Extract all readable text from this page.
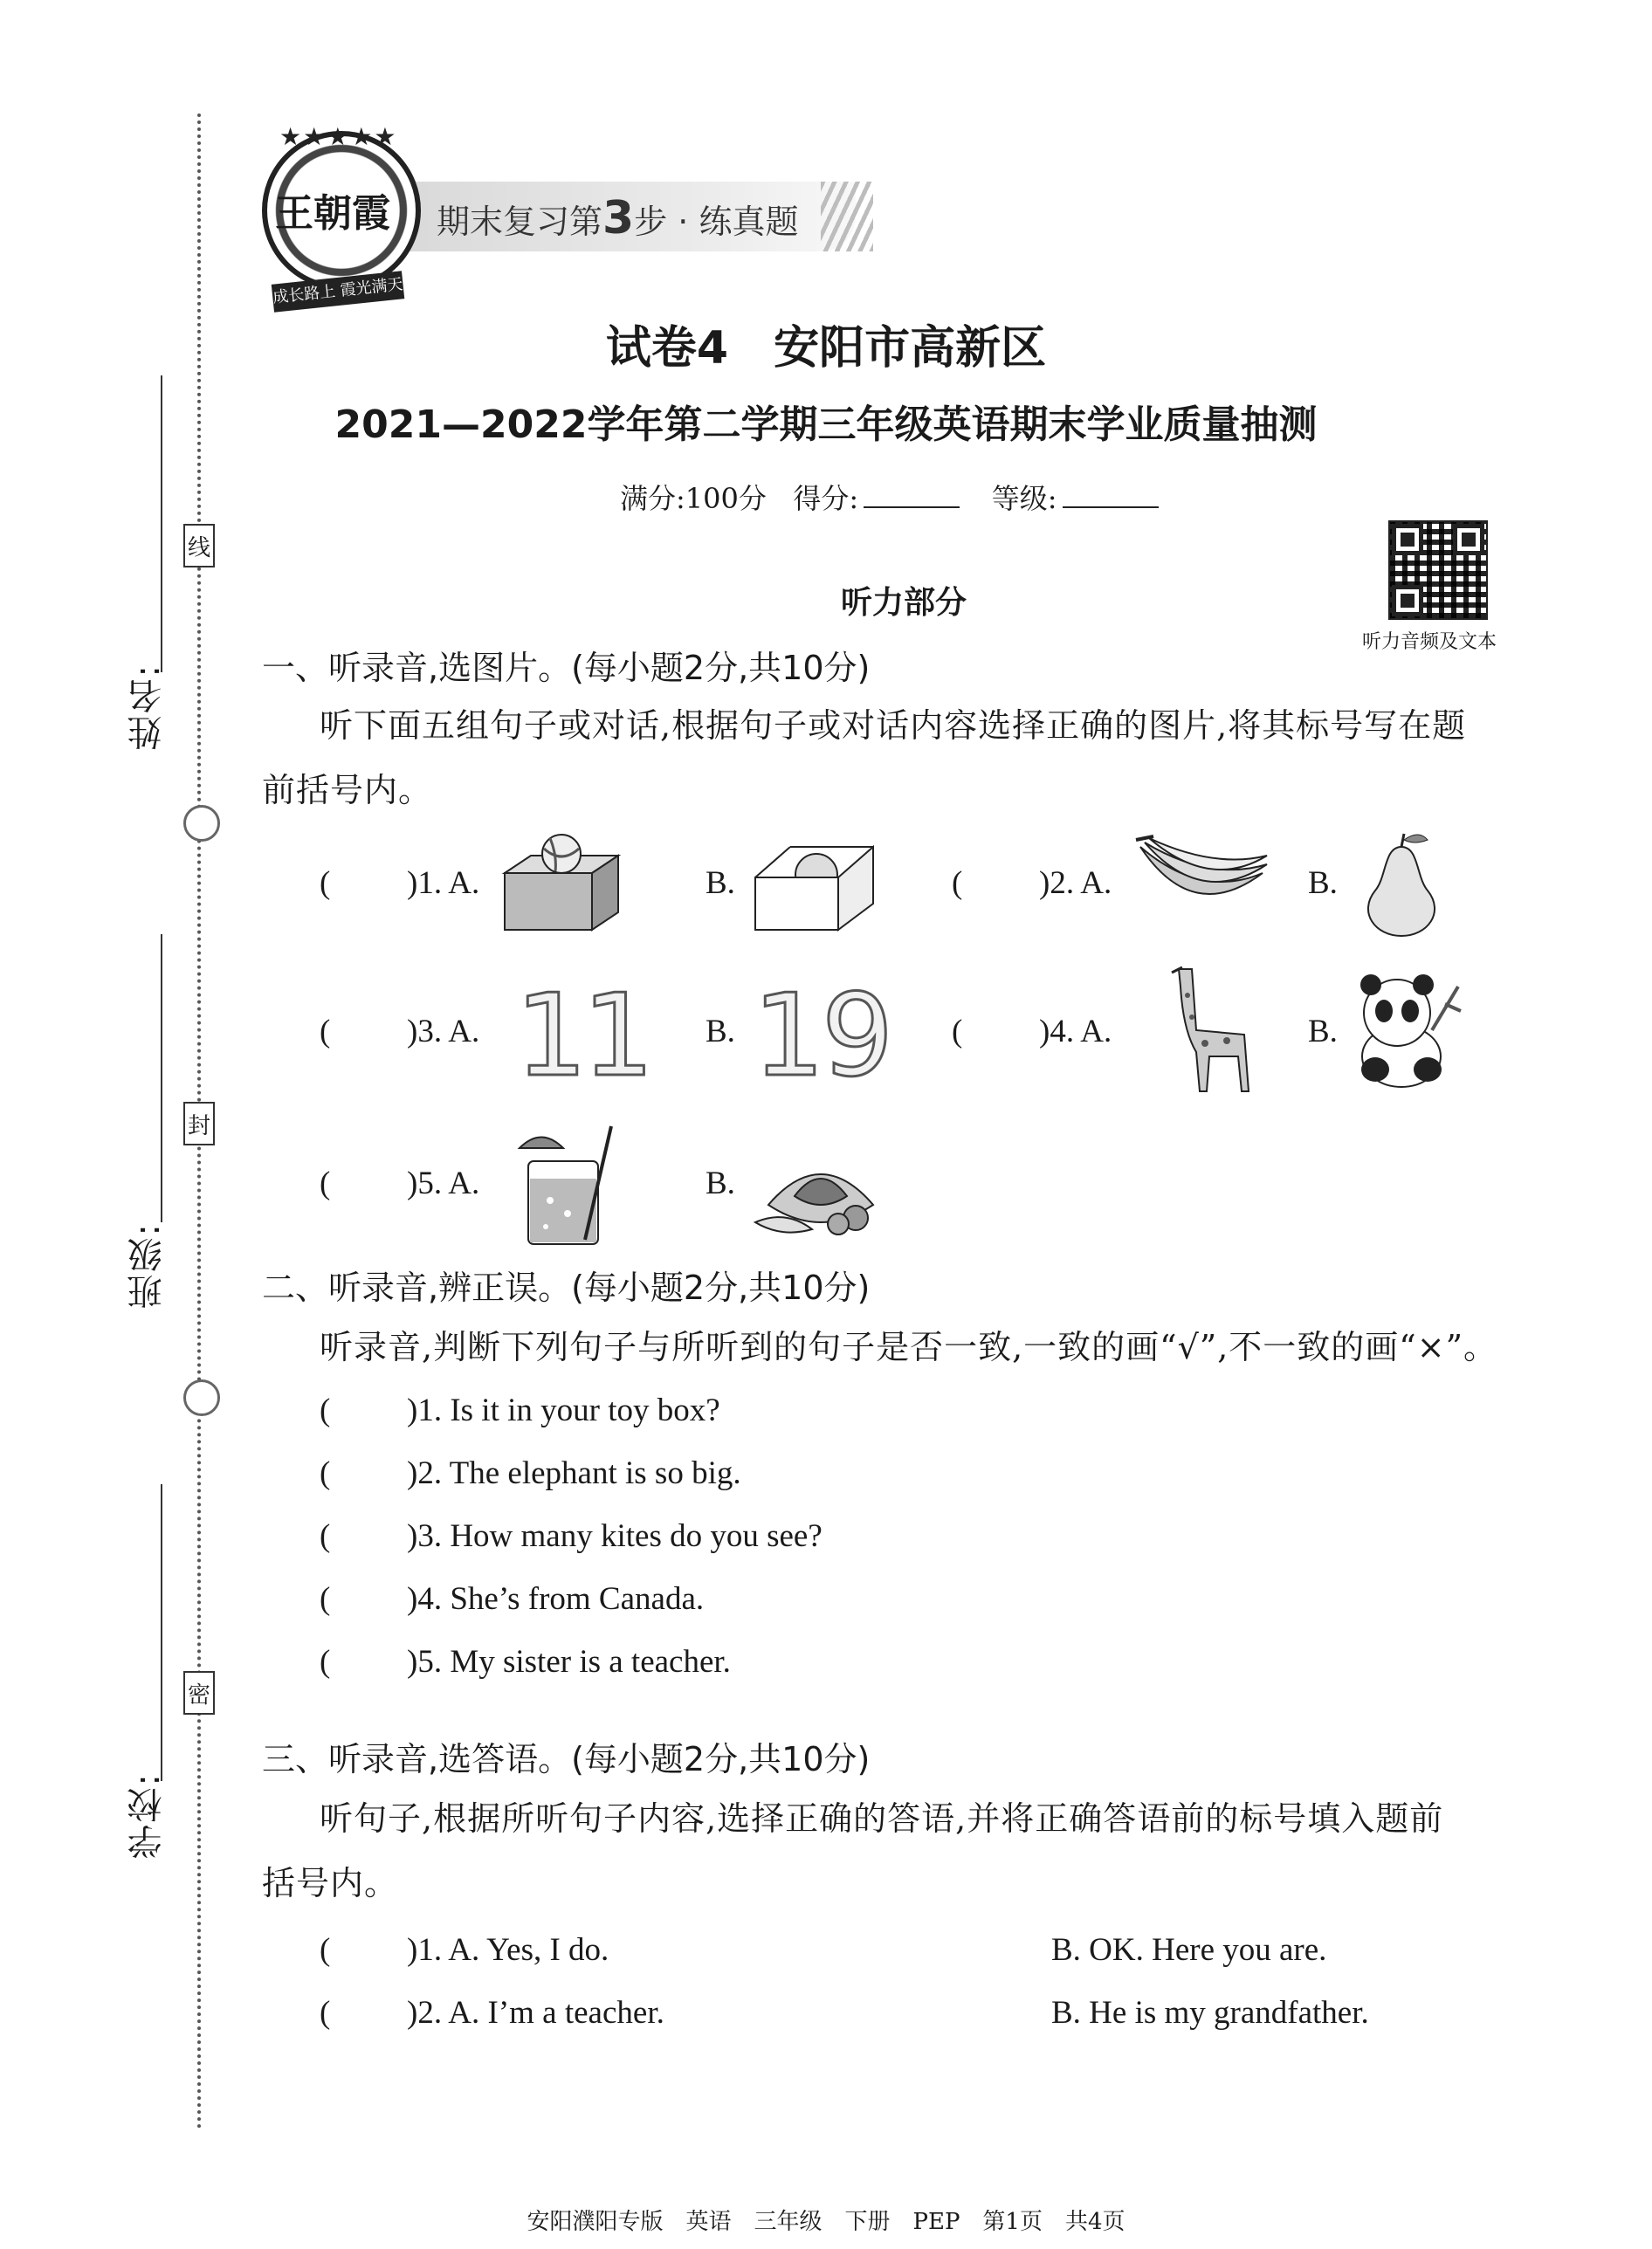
姓名:
线
班级:
封
学校:
密
期末复习第3步 · 练真题
★★★★★
王朝霞
成长路上 霞光满天
试卷4　安阳市高新区
2021—2022学年第二学期三年级英语期末学业质量抽测
满分:100分 得分:	等级:
听力音频及文本
听力部分
一、听录音,选图片。(每小题2分,共10分)
听下面五组句子或对话,根据句子或对话内容选择正确的图片,将其标号写在题
前括号内。
( )1. A.	B.	( )2. A.	B.
( )3. A. 11 B. 19 ( )4. A.	B.
( )5. A.	B.
二、听录音,辨正误。(每小题2分,共10分)
听录音,判断下列句子与所听到的句子是否一致,一致的画“√”,不一致的画“×”。
( )1. Is it in your toy box?
( )2. The elephant is so big.
( )3. How many kites do you see?
( )4. She’s from Canada.
( )5. My sister is a teacher.
三、听录音,选答语。(每小题2分,共10分)
听句子,根据所听句子内容,选择正确的答语,并将正确答语前的标号填入题前
括号内。
( )1. A. Yes, I do.	B. OK. Here you are.
( )2. A. I’m a teacher.	B. He is my grandfather.
安阳濮阳专版　英语　三年级　下册　PEP　第1页　共4页
